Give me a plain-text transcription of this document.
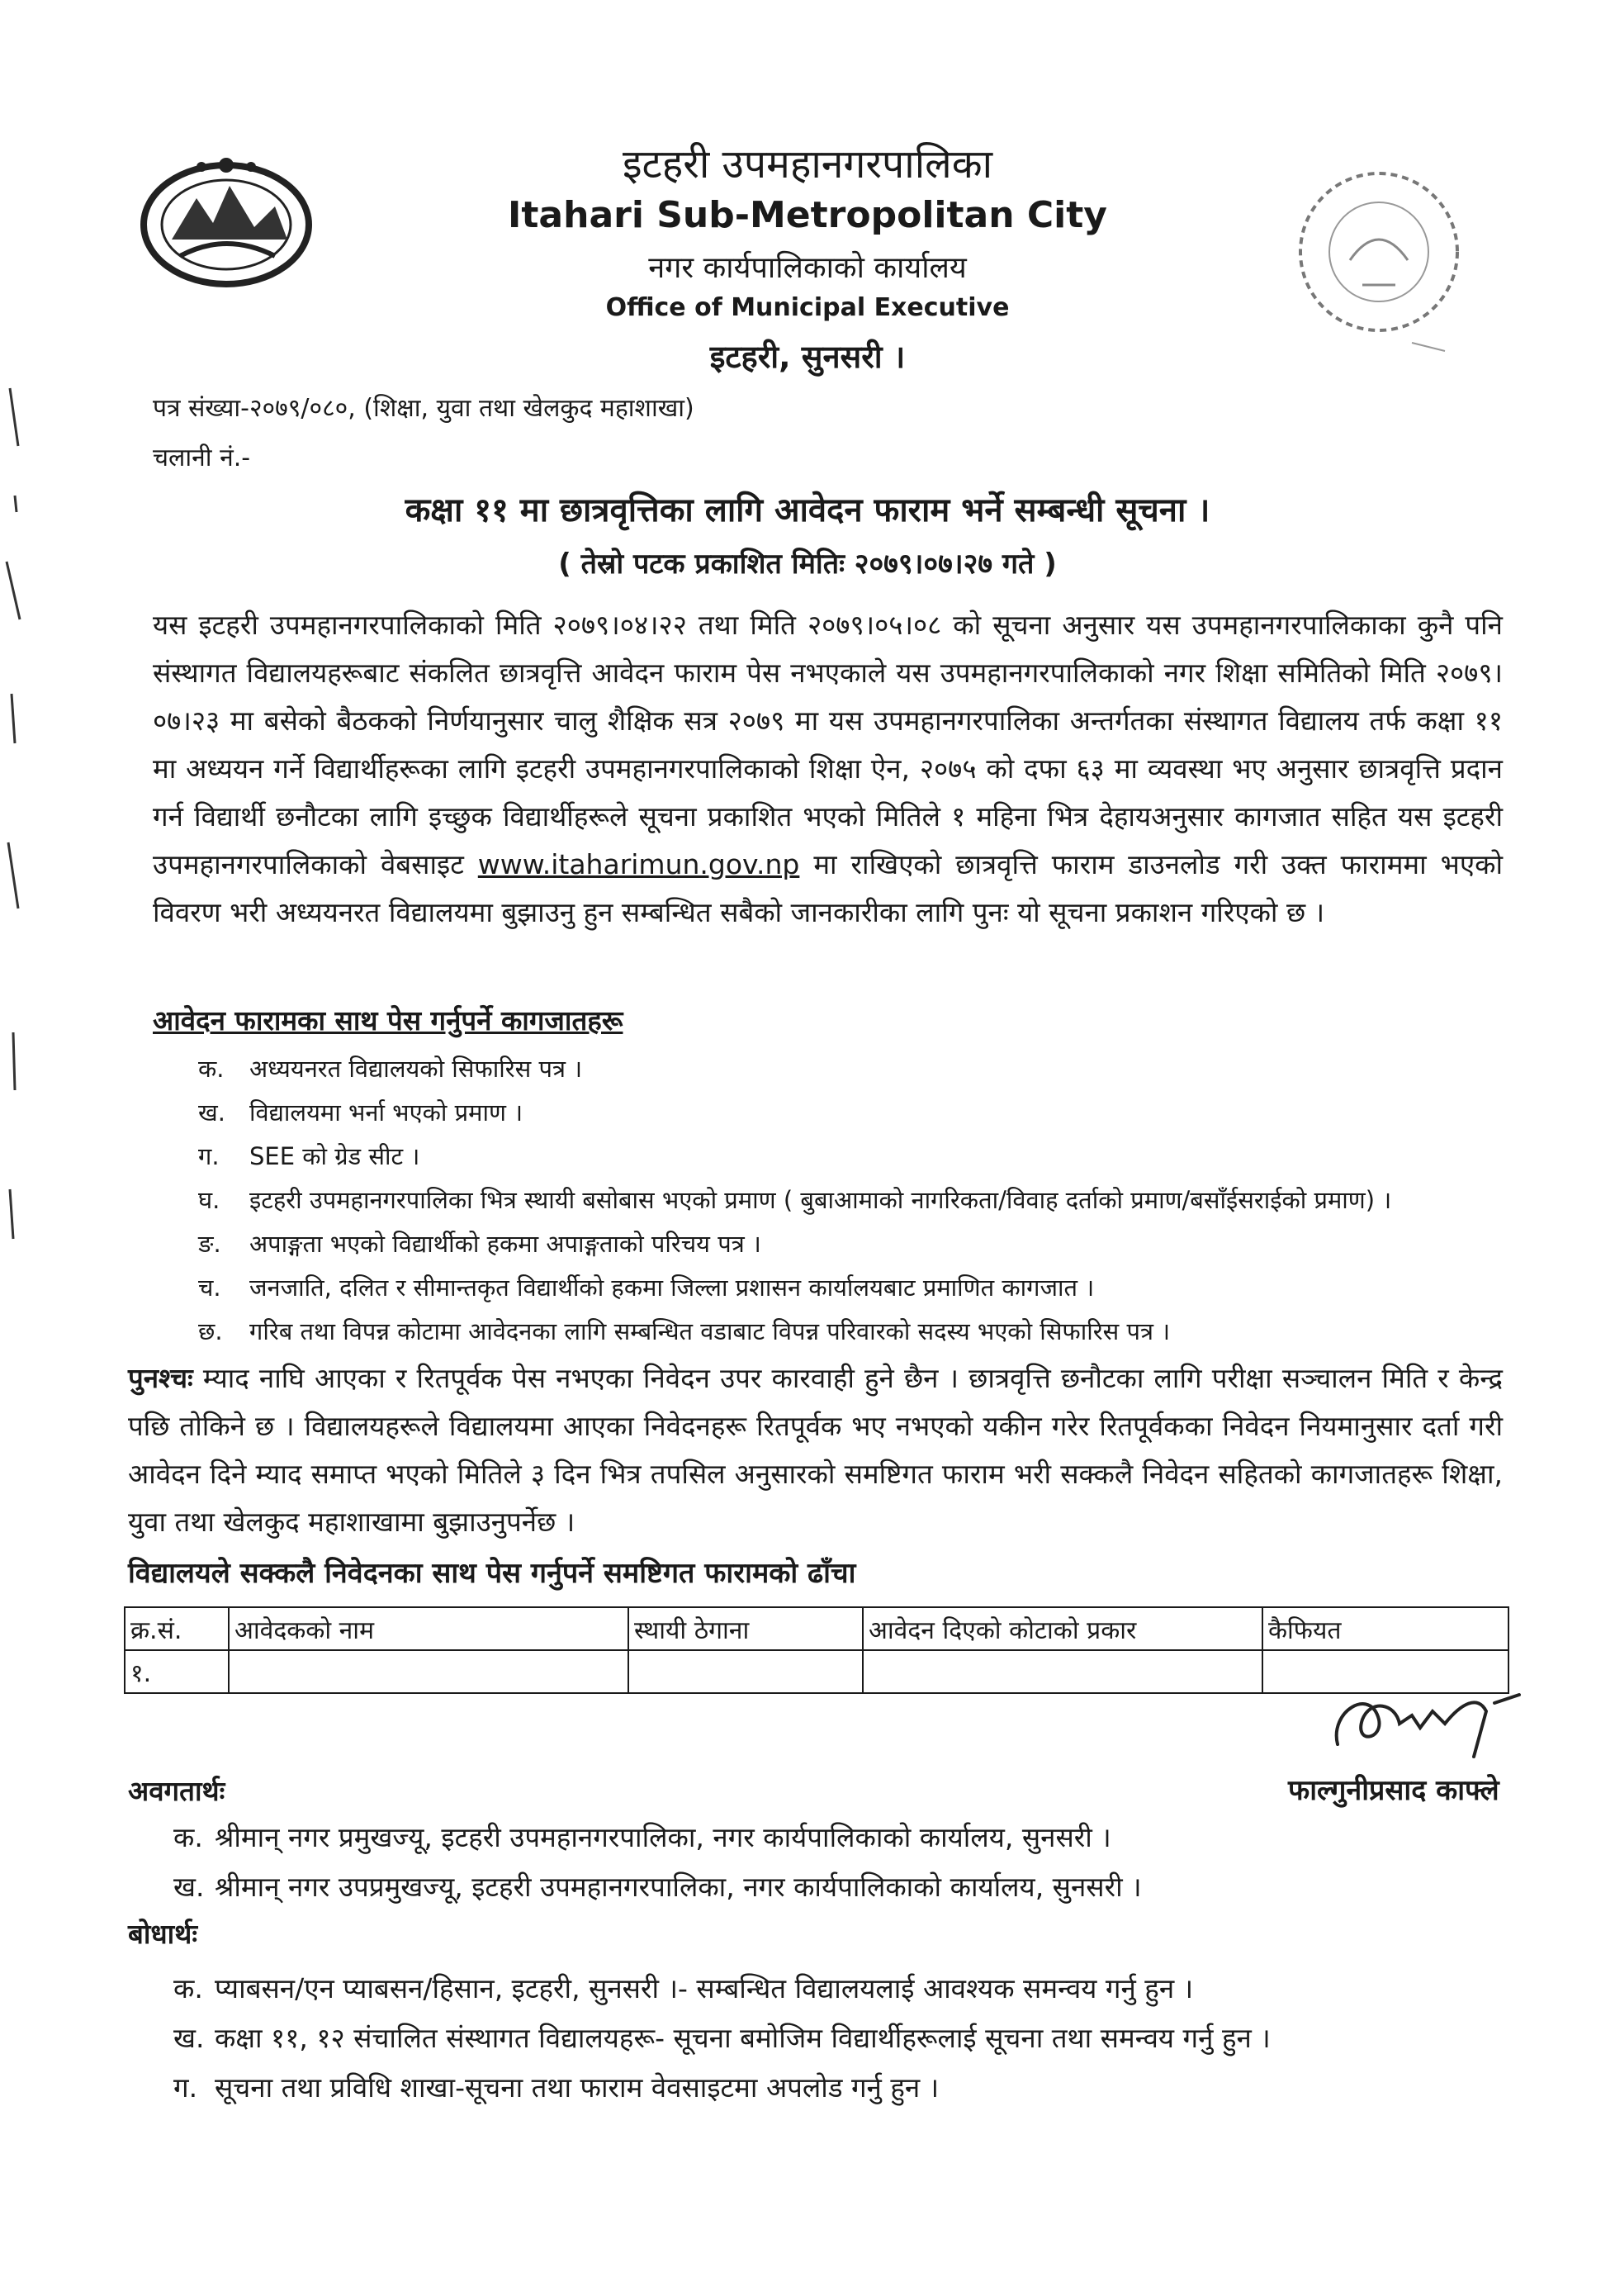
इटहरी उपमहानगरपालिका
Itahari Sub-Metropolitan City
नगर कार्यपालिकाको कार्यालय
Office of Municipal Executive
इटहरी, सुनसरी ।
पत्र संख्या-२०७९/०८०, (शिक्षा, युवा तथा खेलकुद महाशाखा)
चलानी नं.-
कक्षा ११ मा छात्रवृत्तिका लागि आवेदन फाराम भर्ने सम्बन्धी सूचना ।
( तेस्रो पटक प्रकाशित मितिः २०७९।०७।२७ गते )
यस इटहरी उपमहानगरपालिकाको मिति २०७९।०४।२२ तथा मिति २०७९।०५।०८ को सूचना अनुसार यस उपमहानगरपालिकाका कुनै पनि संस्थागत विद्यालयहरूबाट संकलित छात्रवृत्ति आवेदन फाराम पेस नभएकाले यस उपमहानगरपालिकाको नगर शिक्षा समितिको मिति २०७९।०७।२३ मा बसेको बैठकको निर्णयानुसार चालु शैक्षिक सत्र २०७९ मा यस उपमहानगरपालिका अन्तर्गतका संस्थागत विद्यालय तर्फ कक्षा ११ मा अध्ययन गर्ने विद्यार्थीहरूका लागि इटहरी उपमहानगरपालिकाको शिक्षा ऐन, २०७५ को दफा ६३ मा व्यवस्था भए अनुसार छात्रवृत्ति प्रदान गर्न विद्यार्थी छनौटका लागि इच्छुक विद्यार्थीहरूले सूचना प्रकाशित भएको मितिले १ महिना भित्र देहायअनुसार कागजात सहित यस इटहरी उपमहानगरपालिकाको वेबसाइट www.itaharimun.gov.np मा राखिएको छात्रवृत्ति फाराम डाउनलोड गरी उक्त फाराममा भएको विवरण भरी अध्ययनरत विद्यालयमा बुझाउनु हुन सम्बन्धित सबैको जानकारीका लागि पुनः यो सूचना प्रकाशन गरिएको छ ।
आवेदन फारामका साथ पेस गर्नुपर्ने कागजातहरू
क. अध्ययनरत विद्यालयको सिफारिस पत्र ।
ख. विद्यालयमा भर्ना भएको प्रमाण ।
ग. SEE को ग्रेड सीट ।
घ. इटहरी उपमहानगरपालिका भित्र स्थायी बसोबास भएको प्रमाण ( बुबाआमाको नागरिकता/विवाह दर्ताको प्रमाण/बसाँईसराईको प्रमाण) ।
ङ. अपाङ्गता भएको विद्यार्थीको हकमा अपाङ्गताको परिचय पत्र ।
च. जनजाति, दलित र सीमान्तकृत विद्यार्थीको हकमा जिल्ला प्रशासन कार्यालयबाट प्रमाणित कागजात ।
छ. गरिब तथा विपन्न कोटामा आवेदनका लागि सम्बन्धित वडाबाट विपन्न परिवारको सदस्य भएको सिफारिस पत्र ।
पुनश्चः म्याद नाघि आएका र रितपूर्वक पेस नभएका निवेदन उपर कारवाही हुने छैन । छात्रवृत्ति छनौटका लागि परीक्षा सञ्चालन मिति र केन्द्र पछि तोकिने छ । विद्यालयहरूले विद्यालयमा आएका निवेदनहरू रितपूर्वक भए नभएको यकीन गरेर रितपूर्वकका निवेदन नियमानुसार दर्ता गरी आवेदन दिने म्याद समाप्त भएको मितिले ३ दिन भित्र तपसिल अनुसारको समष्टिगत फाराम भरी सक्कलै निवेदन सहितको कागजातहरू शिक्षा, युवा तथा खेलकुद महाशाखामा बुझाउनुपर्नेछ ।
विद्यालयले सक्कलै निवेदनका साथ पेस गर्नुपर्ने समष्टिगत फारामको ढाँचा
क्र.सं.	आवेदकको नाम	स्थायी ठेगाना	आवेदन दिएको कोटाको प्रकार	कैफियत
१.				
फाल्गुनीप्रसाद काफ्ले
अवगतार्थः
क. श्रीमान् नगर प्रमुखज्यू, इटहरी उपमहानगरपालिका, नगर कार्यपालिकाको कार्यालय, सुनसरी ।
ख. श्रीमान् नगर उपप्रमुखज्यू, इटहरी उपमहानगरपालिका, नगर कार्यपालिकाको कार्यालय, सुनसरी ।
बोधार्थः
क. प्याबसन/एन प्याबसन/हिसान, इटहरी, सुनसरी ।- सम्बन्धित विद्यालयलाई आवश्यक समन्वय गर्नु हुन ।
ख. कक्षा ११, १२ संचालित संस्थागत विद्यालयहरू- सूचना बमोजिम विद्यार्थीहरूलाई सूचना तथा समन्वय गर्नु हुन ।
ग. सूचना तथा प्रविधि शाखा-सूचना तथा फाराम वेवसाइटमा अपलोड गर्नु हुन ।
